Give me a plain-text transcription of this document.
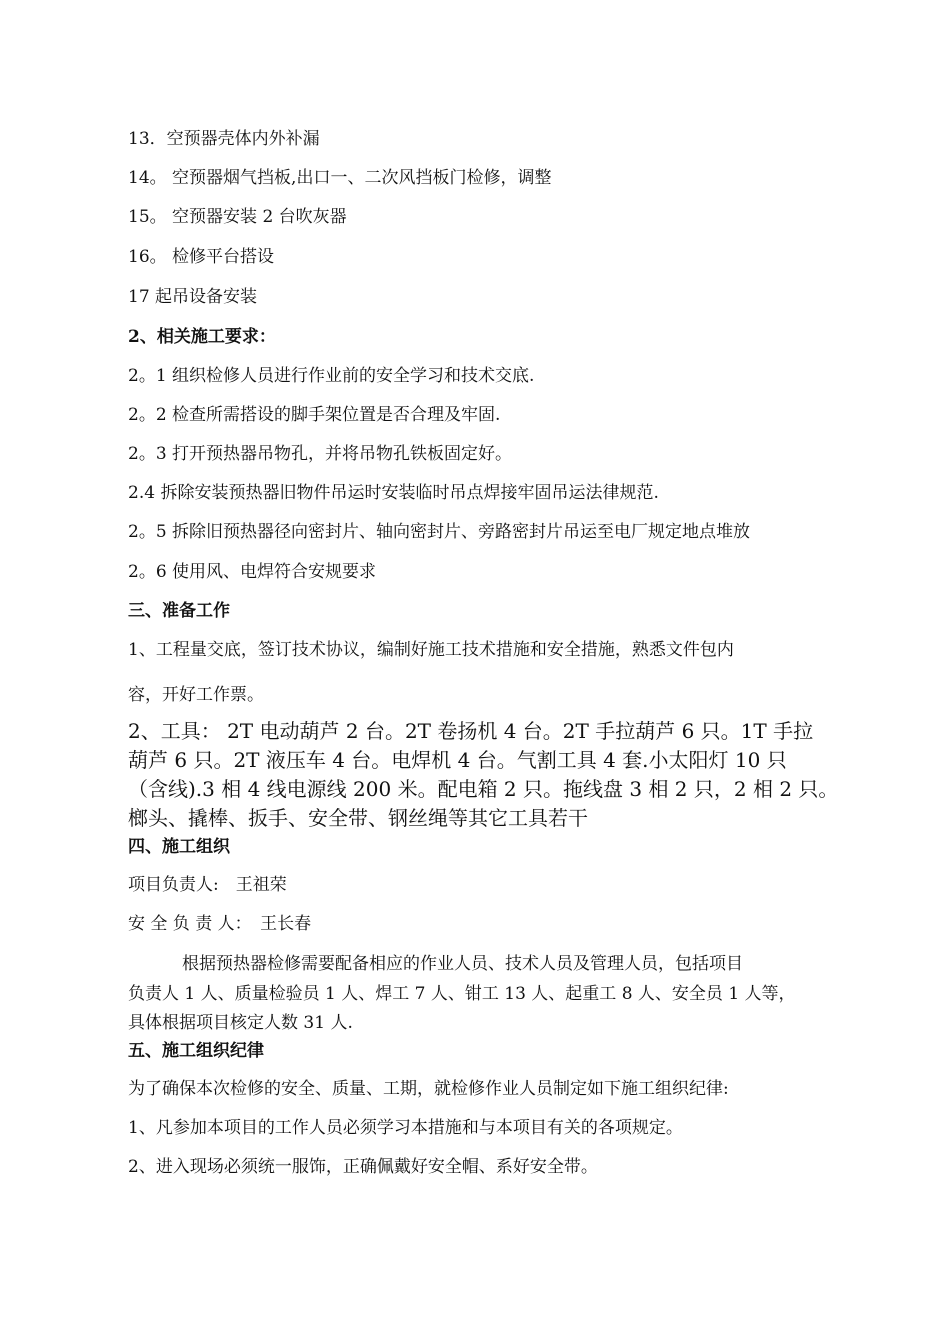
13．空预器壳体内外补漏
14。 空预器烟气挡板,出口一、二次风挡板门检修，调整
15。 空预器安装 2 台吹灰器
16。 检修平台搭设
17 起吊设备安装
2、相关施工要求：
2。1 组织检修人员进行作业前的安全学习和技术交底.
2。2 检查所需搭设的脚手架位置是否合理及牢固.
2。3 打开预热器吊物孔，并将吊物孔铁板固定好。
2.4 拆除安装预热器旧物件吊运时安装临时吊点焊接牢固吊运法律规范.
2。5 拆除旧预热器径向密封片、轴向密封片、旁路密封片吊运至电厂规定地点堆放
2。6 使用风、电焊符合安规要求
三、准备工作
1、工程量交底，签订技术协议，编制好施工技术措施和安全措施，熟悉文件包内
容，开好工作票。
2、工具： 2T 电动葫芦 2 台。2T 卷扬机 4 台。2T 手拉葫芦 6 只。1T 手拉
葫芦 6 只。2T 液压车 4 台。电焊机 4 台。气割工具 4 套.小太阳灯 10 只
（含线).3 相 4 线电源线 200 米。配电箱 2 只。拖线盘 3 相 2 只，2 相 2 只。
榔头、撬棒、扳手、安全带、钢丝绳等其它工具若干
四、施工组织
项目负责人:　王祖荣
安 全 负 责 人：　王长春
根据预热器检修需要配备相应的作业人员、技术人员及管理人员，包括项目
负责人 1 人、质量检验员 1 人、焊工 7 人、钳工 13 人、起重工 8 人、安全员 1 人等，
具体根据项目核定人数 31 人.
五、施工组织纪律
为了确保本次检修的安全、质量、工期，就检修作业人员制定如下施工组织纪律:
1、凡参加本项目的工作人员必须学习本措施和与本项目有关的各项规定。
2、进入现场必须统一服饰，正确佩戴好安全帽、系好安全带。
